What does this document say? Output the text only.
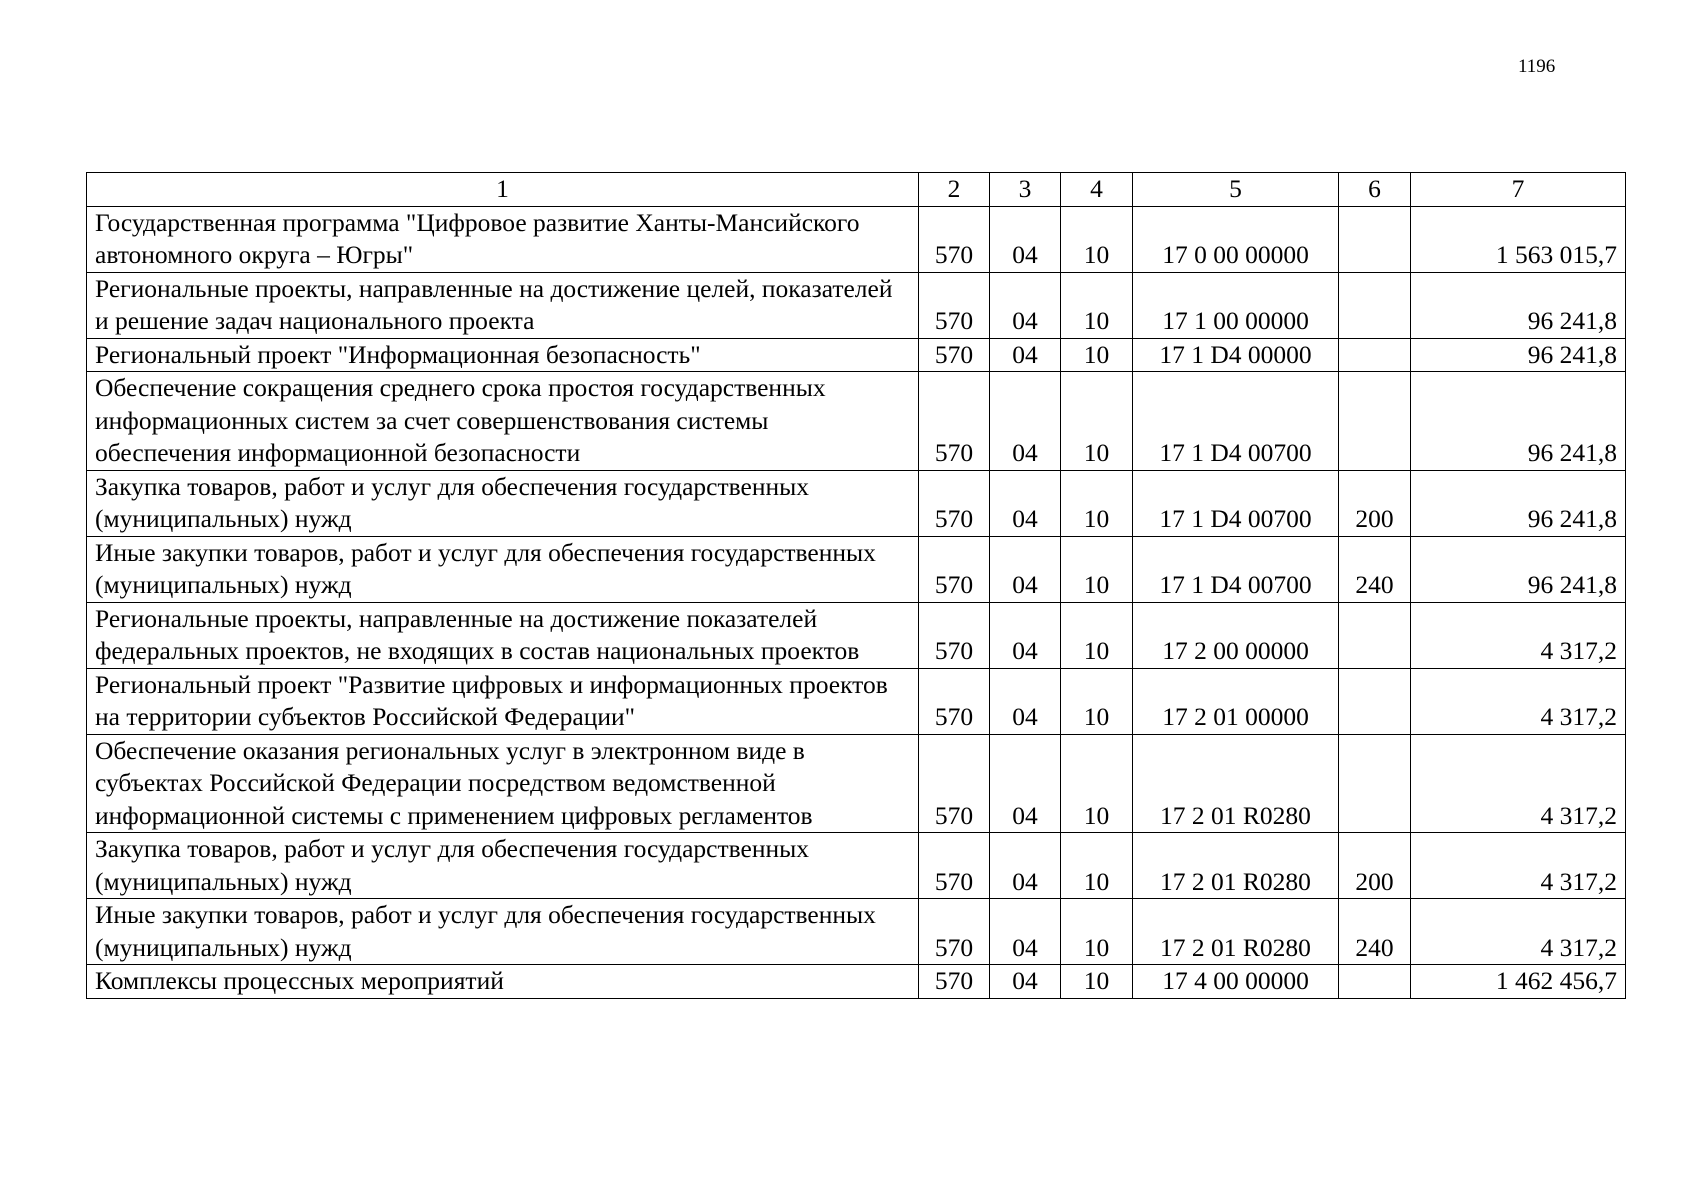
1196
1	2	3	4	5	6	7
Государственная программа "Цифровое развитие Ханты-Мансийского автономного округа – Югры"	570	04	10	17 0 00 00000		1 563 015,7
Региональные проекты, направленные на достижение целей, показателей и решение задач национального проекта	570	04	10	17 1 00 00000		96 241,8
Региональный проект "Информационная безопасность"	570	04	10	17 1 D4 00000		96 241,8
Обеспечение сокращения среднего срока простоя государственных информационных систем за счет совершенствования системы обеспечения информационной безопасности	570	04	10	17 1 D4 00700		96 241,8
Закупка товаров, работ и услуг для обеспечения государственных (муниципальных) нужд	570	04	10	17 1 D4 00700	200	96 241,8
Иные закупки товаров, работ и услуг для обеспечения государственных (муниципальных) нужд	570	04	10	17 1 D4 00700	240	96 241,8
Региональные проекты, направленные на достижение показателей федеральных проектов, не входящих в состав национальных проектов	570	04	10	17 2 00 00000		4 317,2
Региональный проект "Развитие цифровых и информационных проектов на территории субъектов Российской Федерации"	570	04	10	17 2 01 00000		4 317,2
Обеспечение оказания региональных услуг в электронном виде в субъектах Российской Федерации посредством ведомственной информационной системы с применением цифровых регламентов	570	04	10	17 2 01 R0280		4 317,2
Закупка товаров, работ и услуг для обеспечения государственных (муниципальных) нужд	570	04	10	17 2 01 R0280	200	4 317,2
Иные закупки товаров, работ и услуг для обеспечения государственных (муниципальных) нужд	570	04	10	17 2 01 R0280	240	4 317,2
Комплексы процессных мероприятий	570	04	10	17 4 00 00000		1 462 456,7
